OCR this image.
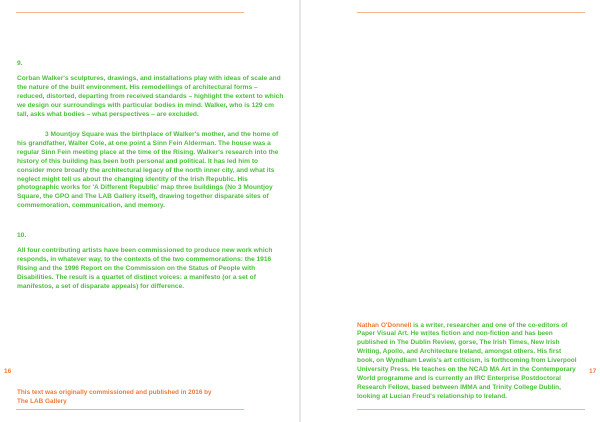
9.

Corban Walker's sculptures, drawings, and installations play with ideas of scale and the nature of the built environment. His remodellings of architectural forms – reduced, distorted, departing from received standards – highlight the extent to which we design our surroundings with particular bodies in mind. Walker, who is 129 cm tall, asks what bodies – what perspectives – are excluded.

3 Mountjoy Square was the birthplace of Walker's mother, and the home of his grandfather, Walter Cole, at one point a Sinn Fein Alderman. The house was a regular Sinn Fein meeting place at the time of the Rising. Walker's research into the history of this building has been both personal and political. It has led him to consider more broadly the architectural legacy of the north inner city, and what its neglect might tell us about the changing identity of the Irish Republic. His photographic works for 'A Different Republic' map three buildings (No 3 Mountjoy Square, the GPO and The LAB Gallery itself), drawing together disparate sites of commemoration, communication, and memory.

10.

All four contributing artists have been commissioned to produce new work which responds, in whatever way, to the contexts of the two commemorations: the 1916 Rising and the 1996 Report on the Commission on the Status of People with Disabilities. The result is a quartet of distinct voices: a manifesto (or a set of manifestos, a set of disparate appeals) for difference.

16
This text was originally commissioned and published in 2016 by The LAB Gallery

Nathan O'Donnell is a writer, researcher and one of the co-editors of Paper Visual Art. He writes fiction and non-fiction and has been published in The Dublin Review, gorse, The Irish Times, New Irish Writing, Apollo, and Architecture Ireland, amongst others. His first book, on Wyndham Lewis's art criticism, is forthcoming from Liverpool University Press. He teaches on the NCAD MA Art in the Contemporary World programme and is currently an IRC Enterprise Postdoctoral Research Fellow, based between IMMA and Trinity College Dublin, looking at Lucian Freud's relationship to Ireland.

17
